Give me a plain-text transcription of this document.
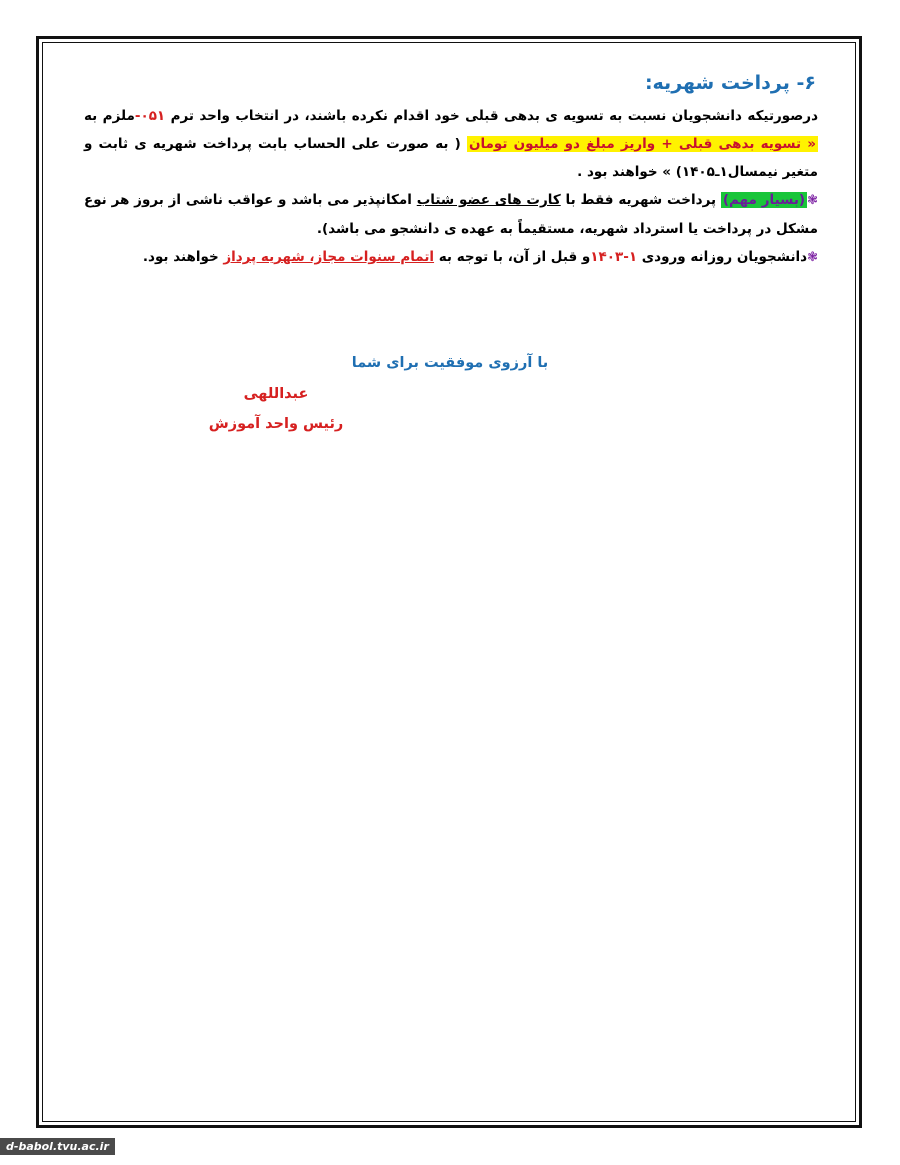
۶- پرداخت شهریه:

درصورتیکه دانشجویان نسبت به تسویه ی بدهی قبلی خود اقدام نکرده باشند، در انتخاب واحد ترم ۰۵۱-ملزم به « تسویه بدهی قبلی + واریز مبلغ دو میلیون تومان ( به صورت علی الحساب بابت پرداخت شهریه ی ثابت و متغیر نیمسال۱ـ۱۴۰۵) » خواهند بود .

❃(بسیار مهم) پرداخت شهریه فقط با کارت های عضو شتاب امکانپذیر می باشد و عواقب ناشی از بروز هر نوع مشکل در پرداخت یا استرداد شهریه، مستقیماً به عهده ی دانشجو می باشد).

❃دانشجویان روزانه ورودی ۱-۱۴۰۳و قبل از آن، با توجه به اتمام سنوات مجاز، شهریه پرداز خواهند بود.

با آرزوی موفقیت برای شما
عبداللهی
رئیس واحد آموزش
d-babol.tvu.ac.ir
